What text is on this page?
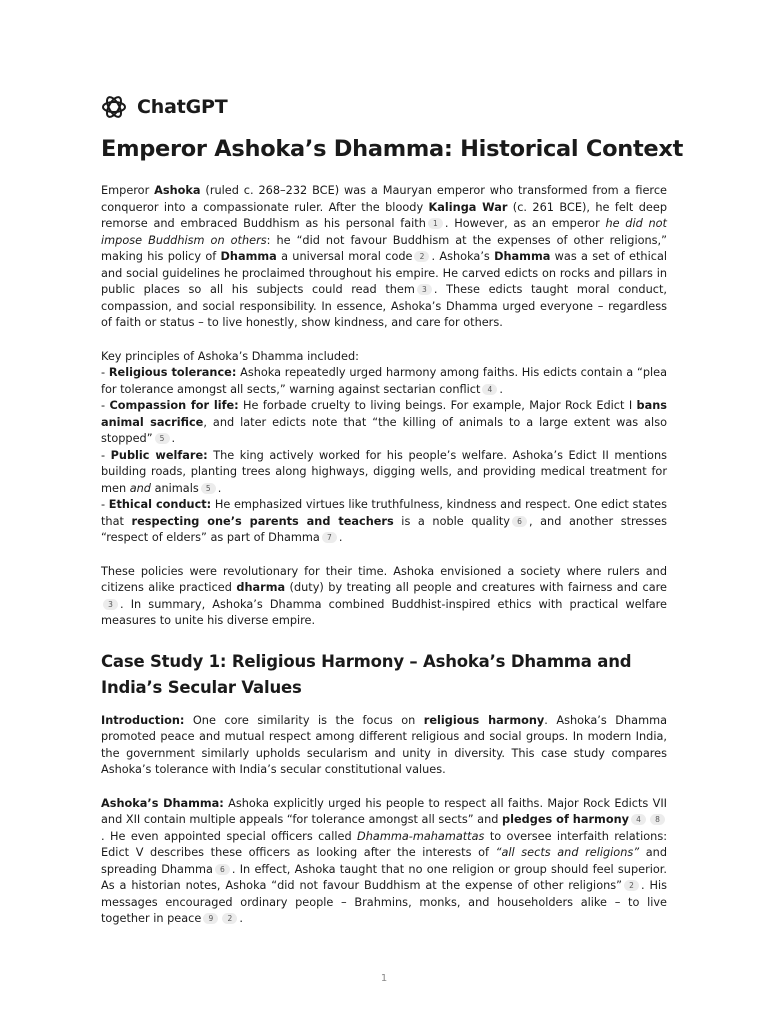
ChatGPT
Emperor Ashoka’s Dhamma: Historical Context

Emperor Ashoka (ruled c. 268–232 BCE) was a Mauryan emperor who transformed from a fierce conqueror into a compassionate ruler. After the bloody Kalinga War (c. 261 BCE), he felt deep remorse and embraced Buddhism as his personal faith 1 . However, as an emperor he did not impose Buddhism on others: he “did not favour Buddhism at the expenses of other religions,” making his policy of Dhamma a universal moral code 2 . Ashoka’s Dhamma was a set of ethical and social guidelines he proclaimed throughout his empire. He carved edicts on rocks and pillars in public places so all his subjects could read them 3 . These edicts taught moral conduct, compassion, and social responsibility. In essence, Ashoka’s Dhamma urged everyone – regardless of faith or status – to live honestly, show kindness, and care for others.

Key principles of Ashoka’s Dhamma included:

- Religious tolerance: Ashoka repeatedly urged harmony among faiths. His edicts contain a “plea for tolerance amongst all sects,” warning against sectarian conflict 4 .

- Compassion for life: He forbade cruelty to living beings. For example, Major Rock Edict I bans animal sacrifice, and later edicts note that “the killing of animals to a large extent was also stopped” 5 .

- Public welfare: The king actively worked for his people’s welfare. Ashoka’s Edict II mentions building roads, planting trees along highways, digging wells, and providing medical treatment for men and animals 5 .

- Ethical conduct: He emphasized virtues like truthfulness, kindness and respect. One edict states that respecting one’s parents and teachers is a noble quality 6 , and another stresses “respect of elders” as part of Dhamma 7 .

These policies were revolutionary for their time. Ashoka envisioned a society where rulers and citizens alike practiced dharma (duty) by treating all people and creatures with fairness and care3 . In summary, Ashoka’s Dhamma combined Buddhist-inspired ethics with practical welfare measures to unite his diverse empire.

Case Study 1: Religious Harmony – Ashoka’s Dhamma and India’s Secular Values

Introduction: One core similarity is the focus on religious harmony. Ashoka’s Dhamma promoted peace and mutual respect among different religious and social groups. In modern India, the government similarly upholds secularism and unity in diversity. This case study compares Ashoka’s tolerance with India’s secular constitutional values.

Ashoka’s Dhamma: Ashoka explicitly urged his people to respect all faiths. Major Rock Edicts VII and XII contain multiple appeals “for tolerance amongst all sects” and pledges of harmony 4 8. He even appointed special officers called Dhamma-mahamattas to oversee interfaith relations: Edict V describes these officers as looking after the interests of “all sects and religions” and spreading Dhamma 6 . In effect, Ashoka taught that no one religion or group should feel superior. As a historian notes, Ashoka “did not favour Buddhism at the expense of other religions” 2 . His messages encouraged ordinary people – Brahmins, monks, and householders alike – to live together in peace 9 2 .

1
